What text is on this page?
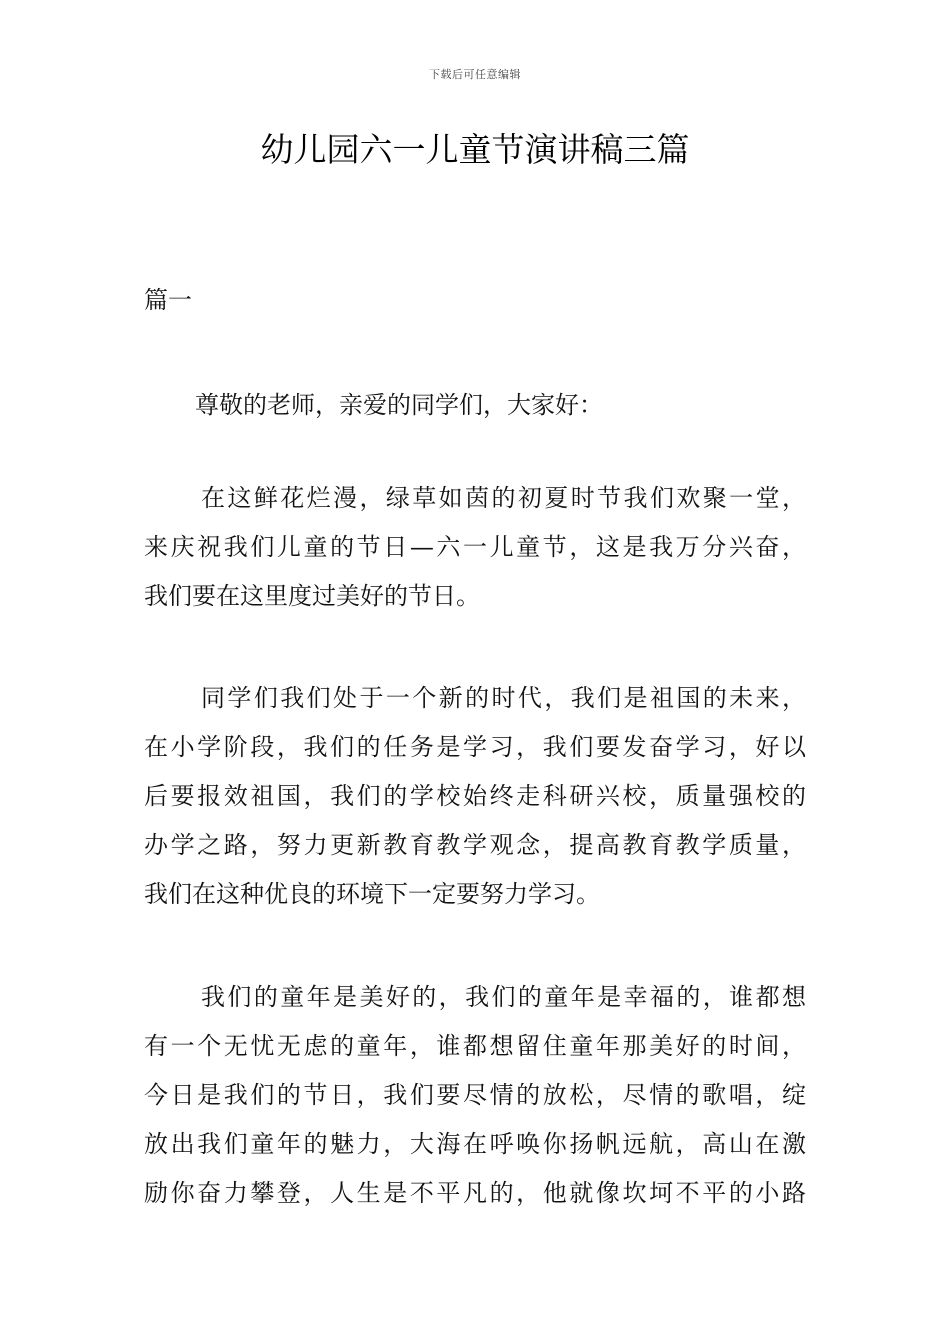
下载后可任意编辑
幼儿园六一儿童节演讲稿三篇
篇一
尊敬的老师，亲爱的同学们，大家好：
在这鲜花烂漫，绿草如茵的初夏时节我们欢聚一堂，
来庆祝我们儿童的节日—六一儿童节，这是我万分兴奋，
我们要在这里度过美好的节日。
同学们我们处于一个新的时代，我们是祖国的未来，
在小学阶段，我们的任务是学习，我们要发奋学习，好以
后要报效祖国，我们的学校始终走科研兴校，质量强校的
办学之路，努力更新教育教学观念，提高教育教学质量，
我们在这种优良的环境下一定要努力学习。
我们的童年是美好的，我们的童年是幸福的，谁都想
有一个无忧无虑的童年，谁都想留住童年那美好的时间，
今日是我们的节日，我们要尽情的放松，尽情的歌唱，绽
放出我们童年的魅力，大海在呼唤你扬帆远航，高山在激
励你奋力攀登，人生是不平凡的，他就像坎坷不平的小路
